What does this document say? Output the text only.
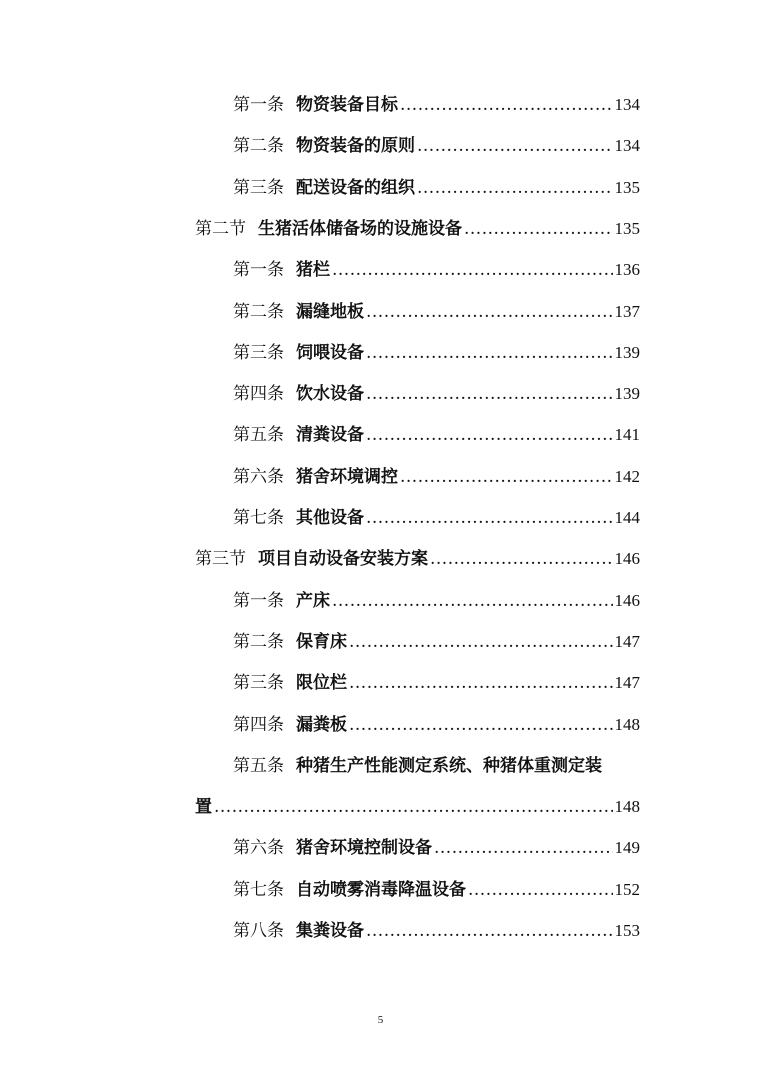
第一条 物资装备目标 .....	134
第二条 物资装备的原则 .....	134
第三条 配送设备的组织 .....	135
第二节 生猪活体储备场的设施设备 .....	135
第一条 猪栏 .....	136
第二条 漏缝地板 .....	137
第三条 饲喂设备 .....	139
第四条 饮水设备 .....	139
第五条 清粪设备 .....	141
第六条 猪舍环境调控 .....	142
第七条 其他设备 .....	144
第三节 项目自动设备安装方案 .....	146
第一条 产床 .....	146
第二条 保育床 .....	147
第三条 限位栏 .....	147
第四条 漏粪板 .....	148
第五条 种猪生产性能测定系统、种猪体重测定装
置 .....	148
第六条 猪舍环境控制设备 .....	149
第七条 自动喷雾消毒降温设备 .....	152
第八条 集粪设备 .....	153
5
